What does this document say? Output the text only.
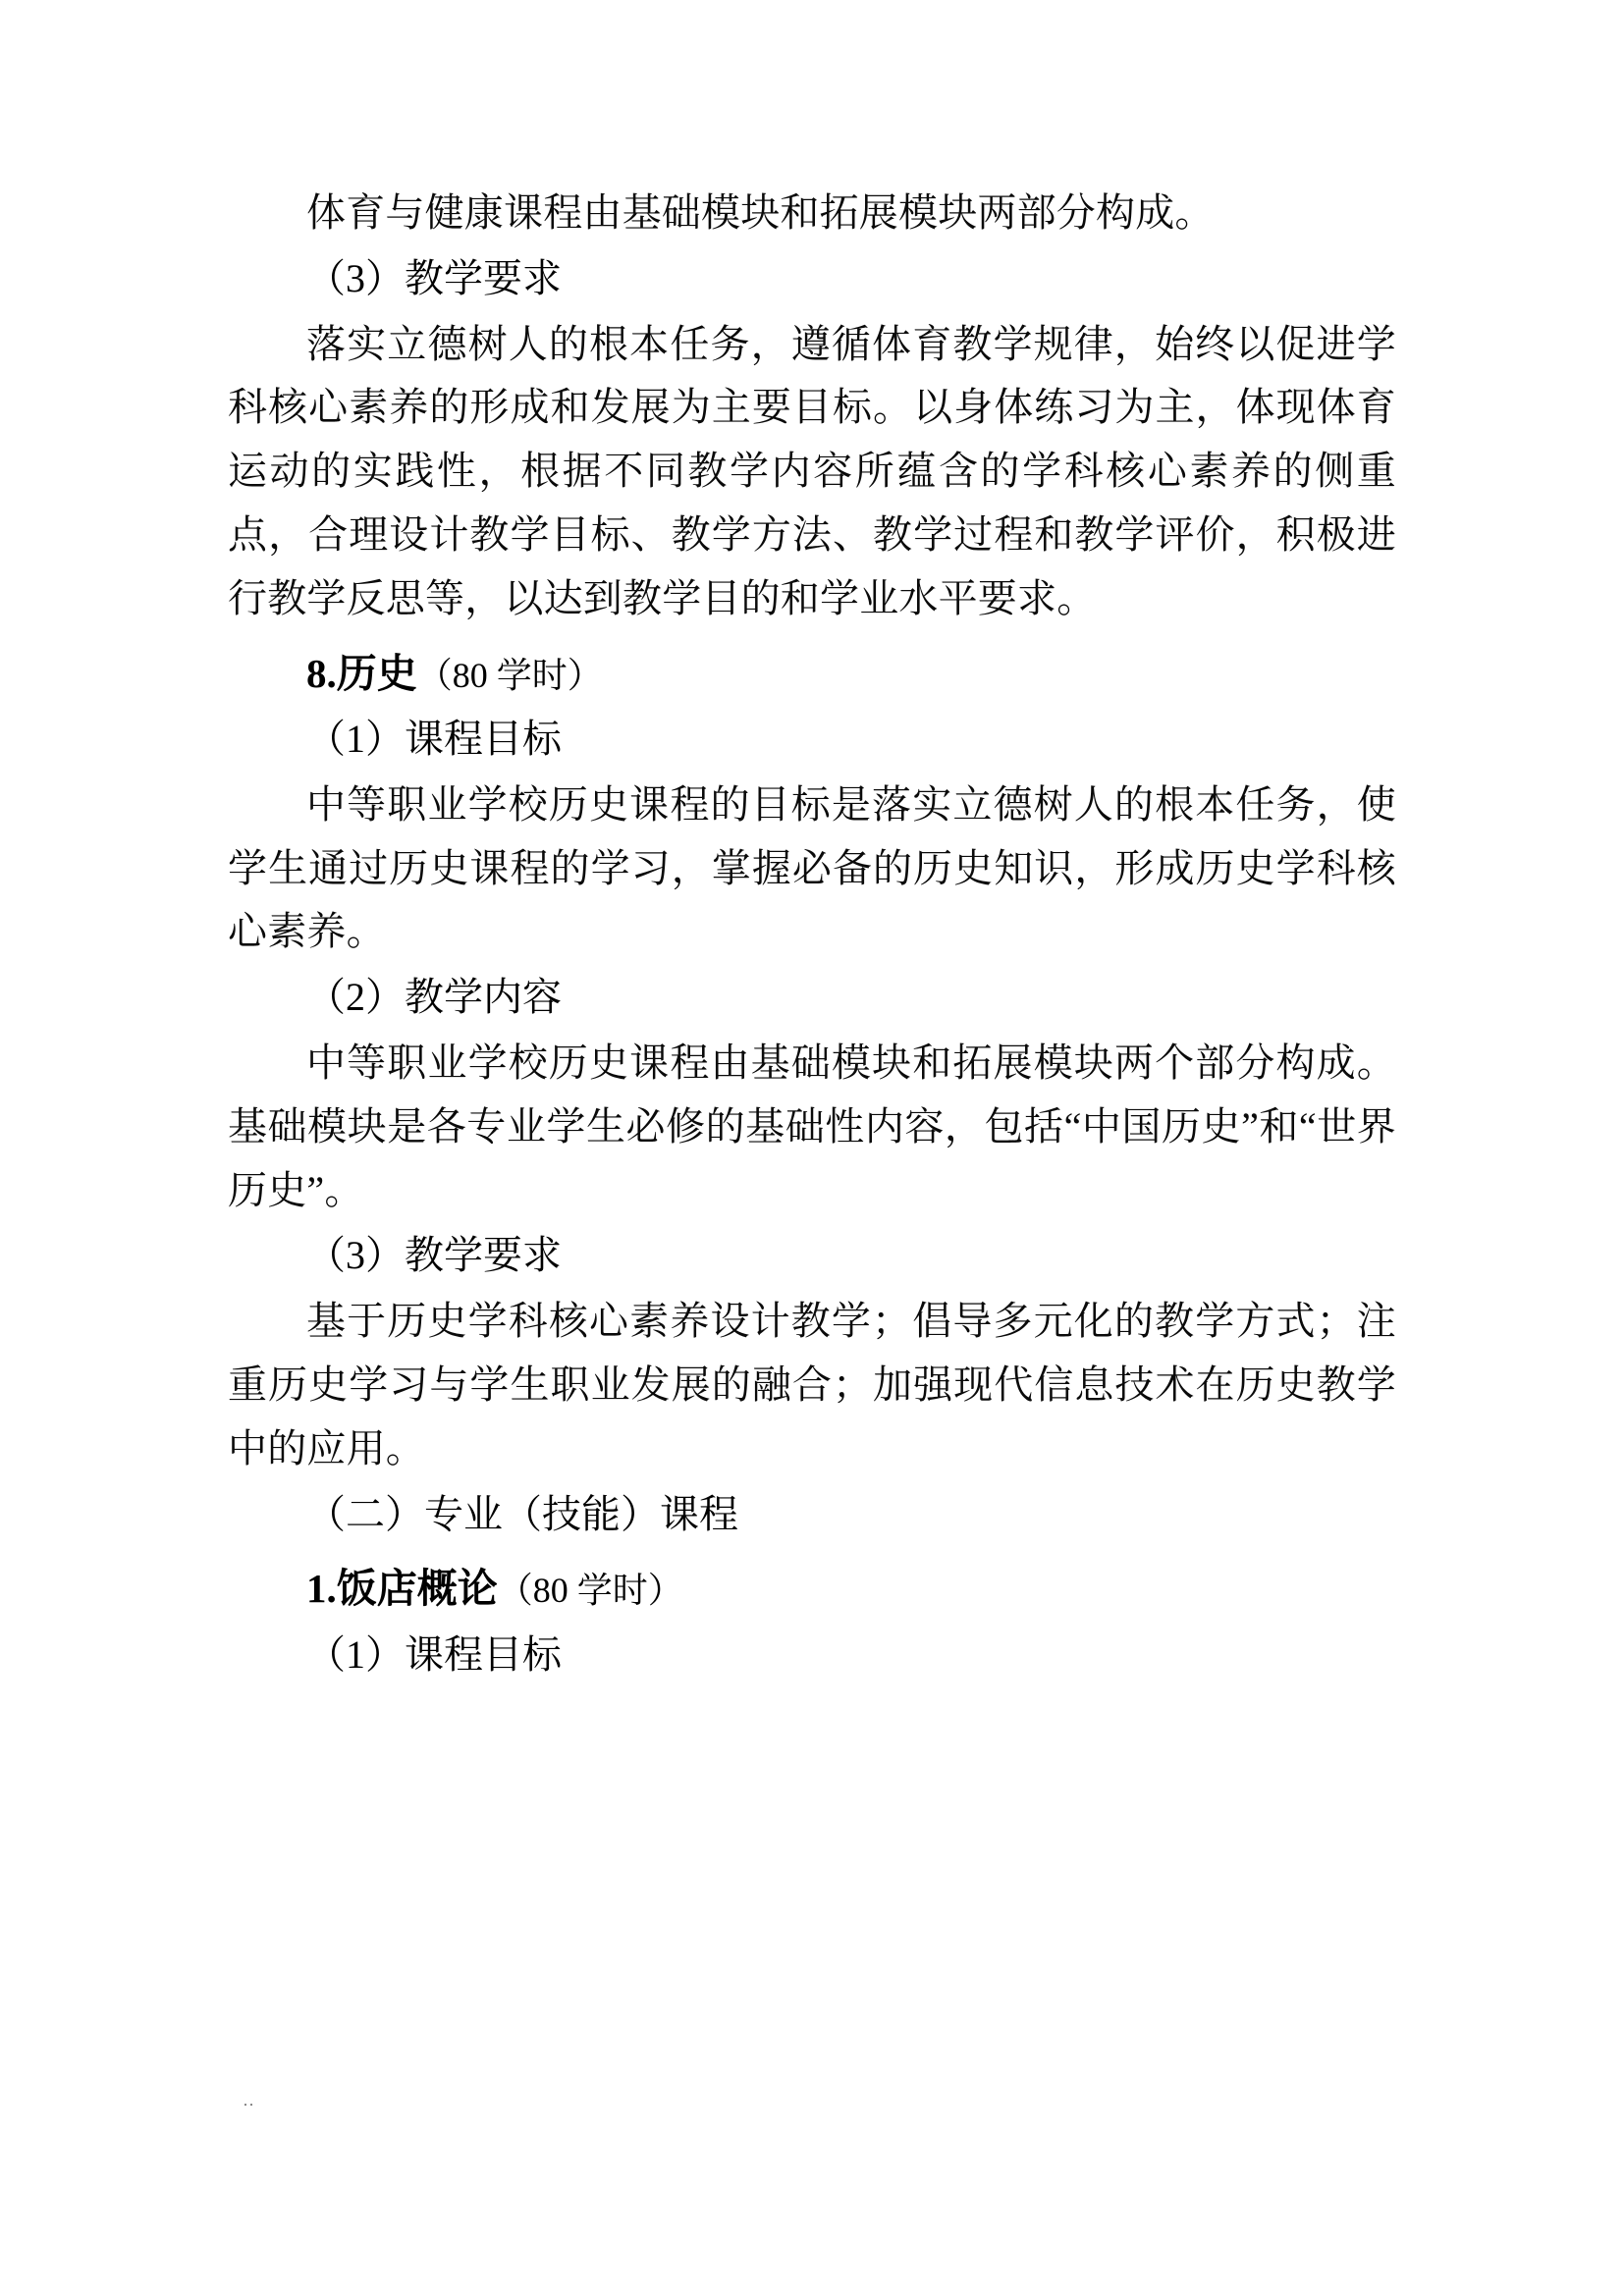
体育与健康课程由基础模块和拓展模块两部分构成。

（3）教学要求

落实立德树人的根本任务，遵循体育教学规律，始终以促进学科核心素养的形成和发展为主要目标。以身体练习为主，体现体育运动的实践性，根据不同教学内容所蕴含的学科核心素养的侧重点，合理设计教学目标、教学方法、教学过程和教学评价，积极进行教学反思等，以达到教学目的和学业水平要求。

8.历史（80 学时）

（1）课程目标

中等职业学校历史课程的目标是落实立德树人的根本任务，使学生通过历史课程的学习，掌握必备的历史知识，形成历史学科核心素养。

（2）教学内容

中等职业学校历史课程由基础模块和拓展模块两个部分构成。基础模块是各专业学生必修的基础性内容，包括“中国历史”和“世界历史”。

（3）教学要求

基于历史学科核心素养设计教学；倡导多元化的教学方式；注重历史学习与学生职业发展的融合；加强现代信息技术在历史教学中的应用。

（二）专业（技能）课程

1.饭店概论（80 学时）

（1）课程目标

..
